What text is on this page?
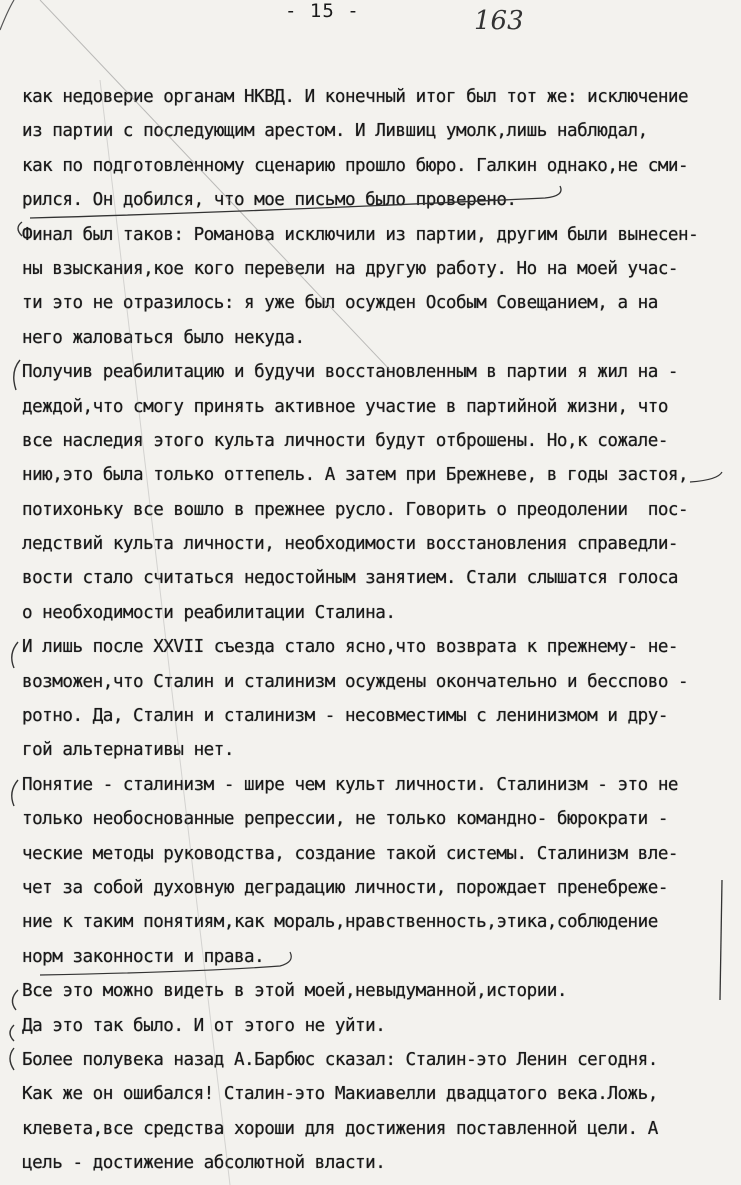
- 15 -	163
как недоверие органам НКВД. И конечный итог был тот же: исключение
из партии с последующим арестом. И Лившиц умолк,лишь наблюдал,
как по подготовленному сценарию прошло бюро. Галкин однако,не сми-
рился. Он добился, что мое письмо было проверено.
Финал был таков: Романова исключили из партии, другим были вынесен-
ны взыскания,кое кого перевели на другую работу. Но на моей учас-
ти это не отразилось: я уже был осужден Особым Совещанием, а на
него жаловаться было некуда.
Получив реабилитацию и будучи восстановленным в партии я жил на -
деждой,что смогу принять активное участие в партийной жизни, что
все наследия этого культа личности будут отброшены. Но,к сожале-
нию,это была только оттепель. А затем при Брежневе, в годы застоя,
потихоньку все вошло в прежнее русло. Говорить о преодолении  пос-
ледствий культа личности, необходимости восстановления справедли-
вости стало считаться недостойным занятием. Стали слышатся голоса
о необходимости реабилитации Сталина.
И лишь после XXVII съезда стало ясно,что возврата к прежнему- не-
возможен,что Сталин и сталинизм осуждены окончательно и бесспово -
ротно. Да, Сталин и сталинизм - несовместимы с ленинизмом и дру-
гой альтернативы нет.
Понятие - сталинизм - шире чем культ личности. Сталинизм - это не
только необоснованные репрессии, не только командно- бюрократи -
ческие методы руководства, создание такой системы. Сталинизм вле-
чет за собой духовную деградацию личности, порождает пренебреже-
ние к таким понятиям,как мораль,нравственность,этика,соблюдение
норм законности и права.
Все это можно видеть в этой моей,невыдуманной,истории.
Да это так было. И от этого не уйти.
Более полувека назад А.Барбюс сказал: Сталин-это Ленин сегодня.
Как же он ошибался! Сталин-это Макиавелли двадцатого века.Ложь,
клевета,все средства хороши для достижения поставленной цели. А
цель - достижение абсолютной власти.
